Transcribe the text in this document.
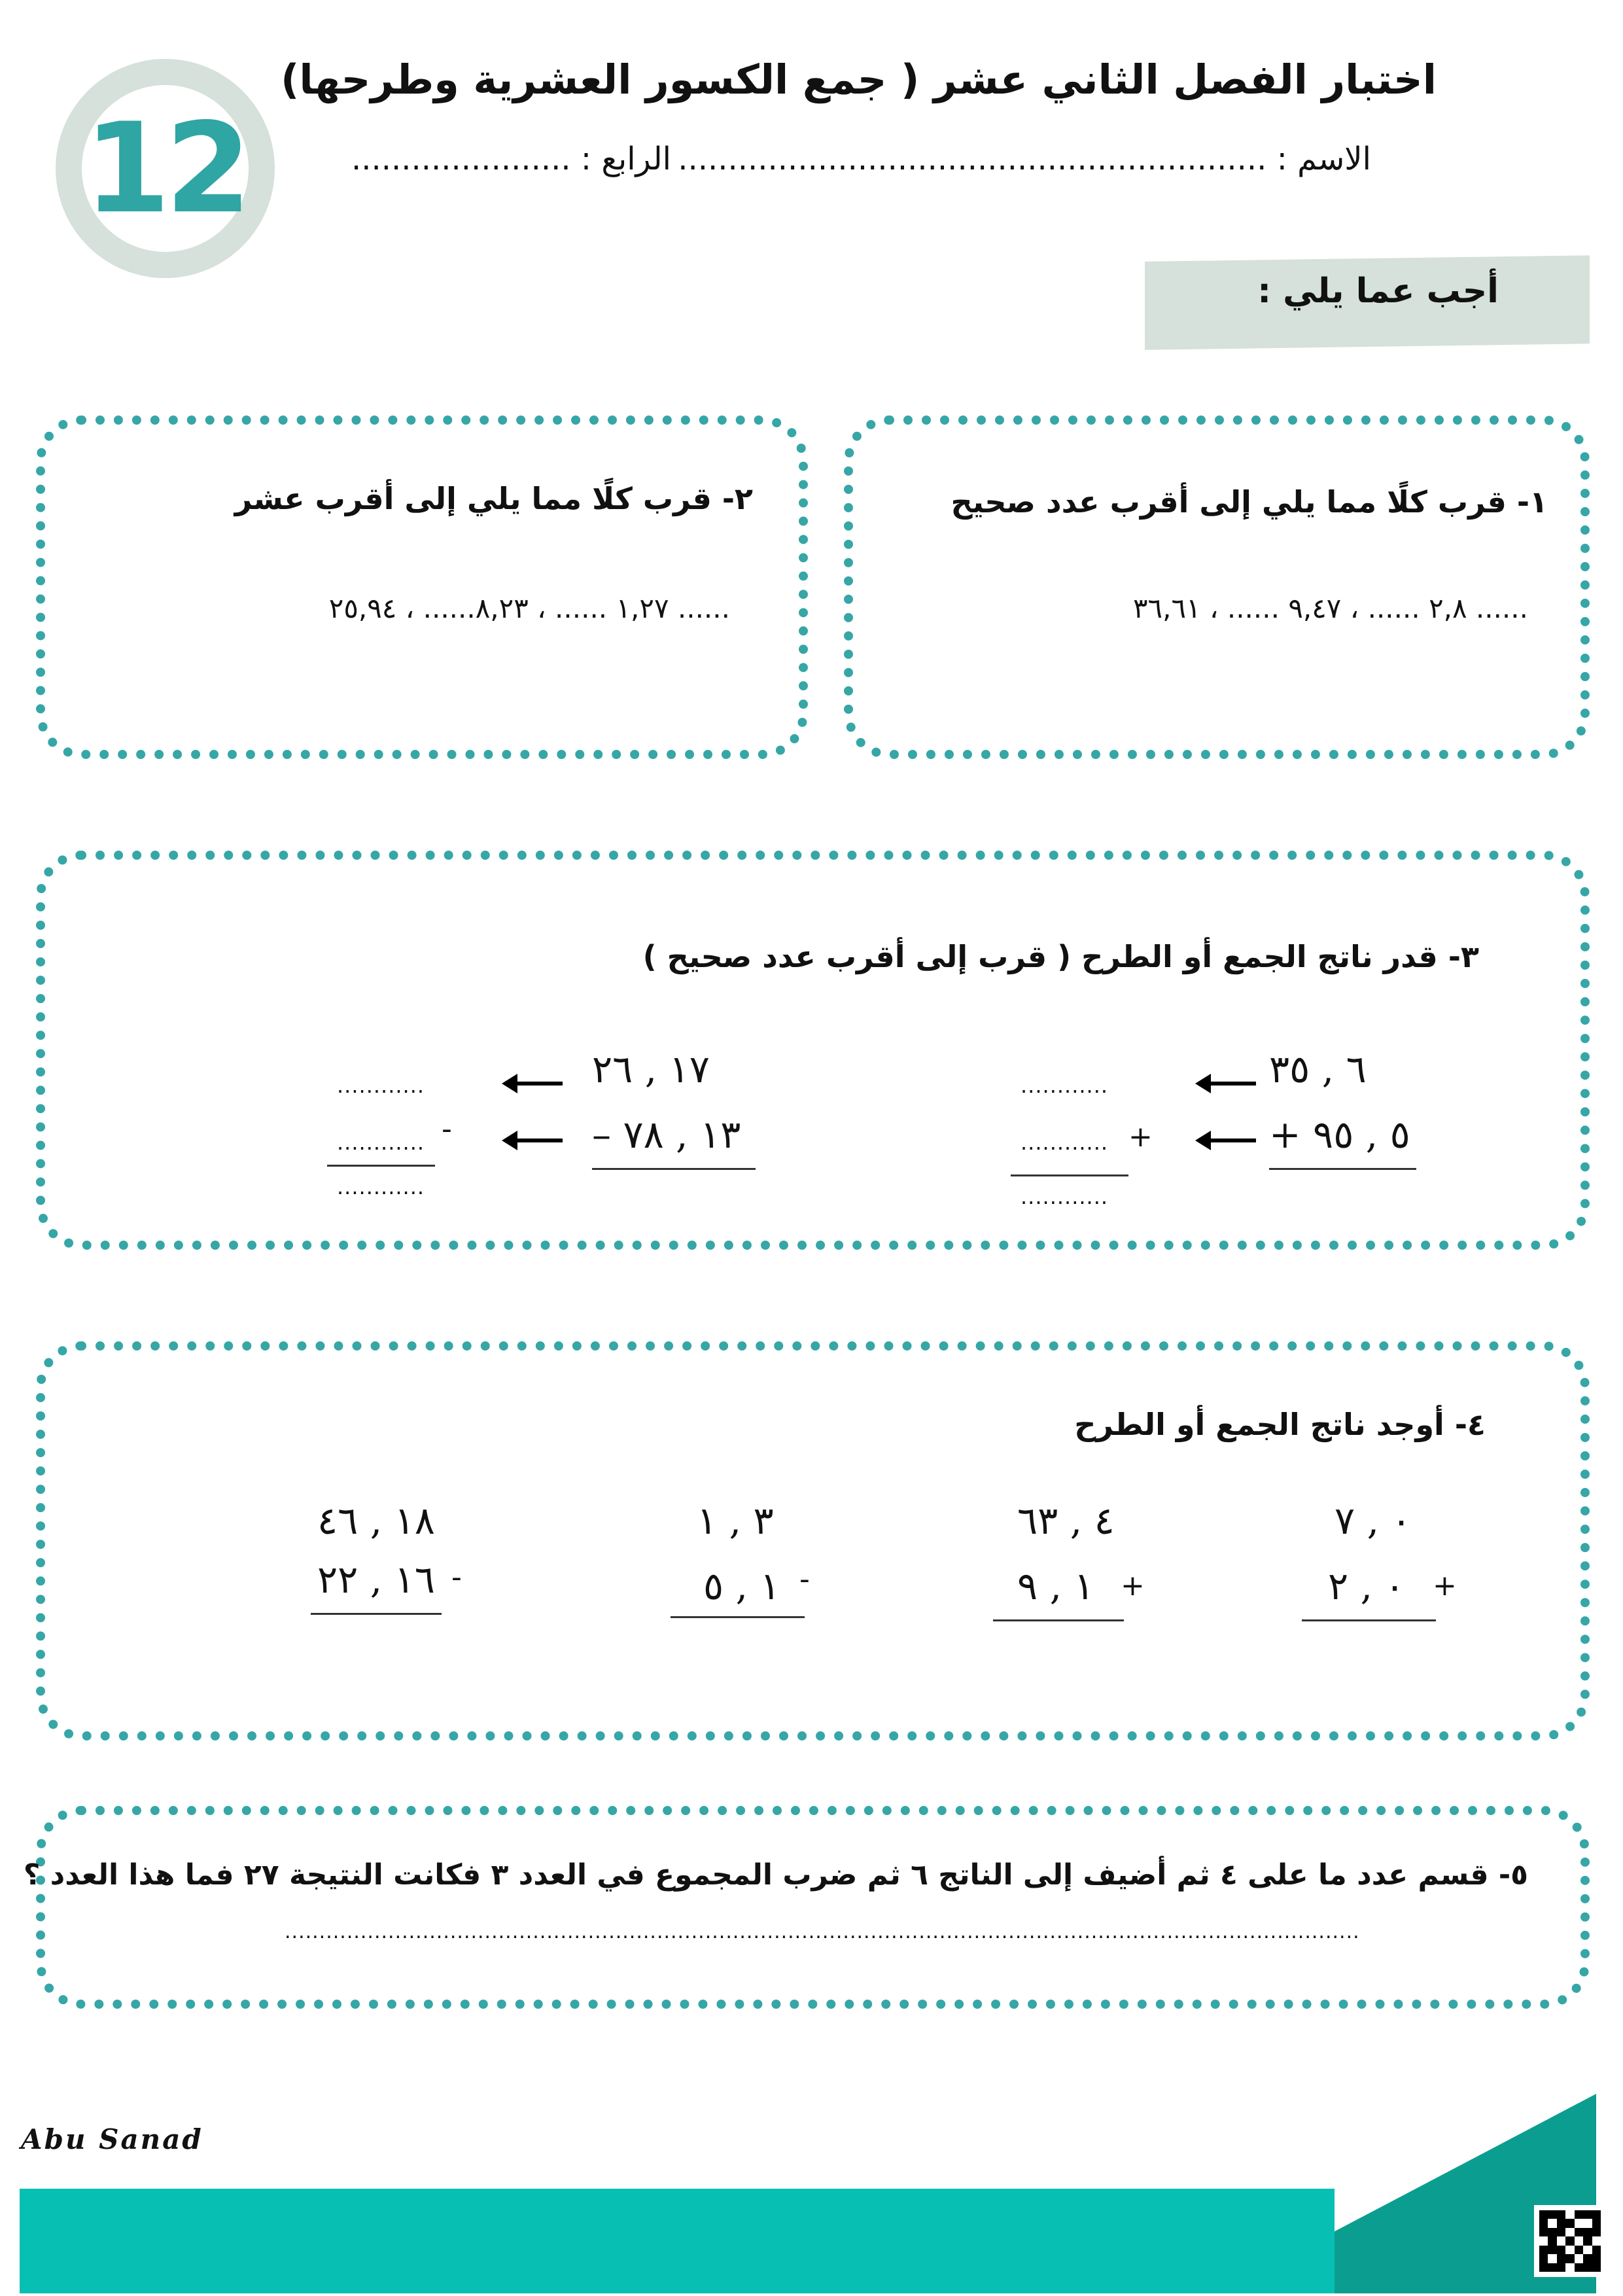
12
اختبار الفصل الثاني عشر ( جمع الكسور العشرية وطرحها)
الاسم : ...........................................................
الرابع : ......................
أجب عما يلي :
١- قرب كلًا مما يلي إلى أقرب عدد صحيح
٢,٨ ...... ، ٩,٤٧ ...... ، ٣٦,٦١ ......
٢- قرب كلًا مما يلي إلى أقرب عشر
١,٢٧ ...... ، ٨,٢٣...... ، ٢٥,٩٤ ......
٣- قدر ناتج الجمع أو الطرح ( قرب إلى أقرب عدد صحيح )
٦ , ٣٥
+ ٥ , ٩٥
............
............ +
............
١٧ , ٢٦
– ١٣ , ٧٨
............
............ -
............
٤- أوجد ناتج الجمع أو الطرح
٠ , ٧
٠ , ٢ +
٤ , ٦٣
١ , ٩ +
٣ , ١
١ , ٥ -
١٨ , ٤٦
١٦ , ٢٢ -
٥- قسم عدد ما على ٤ ثم أضيف إلى الناتج ٦ ثم ضرب المجموع في العدد ٣ فكانت النتيجة ٢٧ فما هذا العدد ؟
............................................................................................................................................................
Abu Sanad
